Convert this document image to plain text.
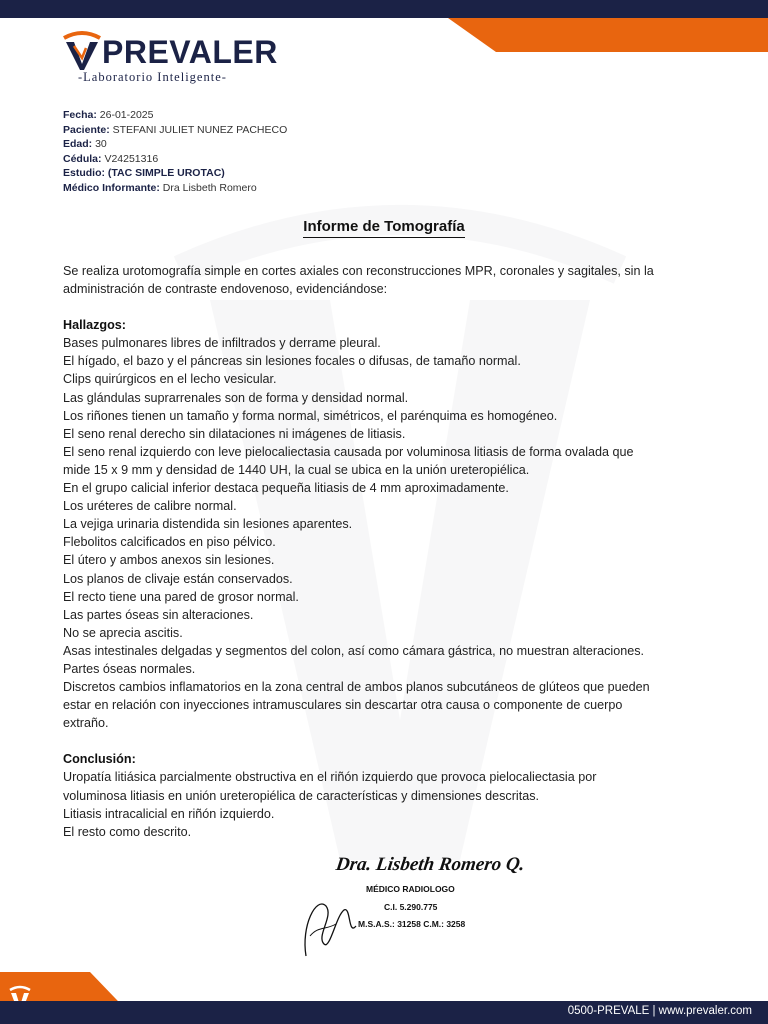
PREVALER
-Laboratorio Inteligente-
Fecha: 26-01-2025
Paciente: STEFANI JULIET NUNEZ PACHECO
Edad: 30
Cédula: V24251316
Estudio: (TAC SIMPLE UROTAC)
Médico Informante: Dra Lisbeth Romero
Informe de Tomografía

Se realiza urotomografía simple en cortes axiales con reconstrucciones MPR, coronales y sagitales, sin la

administración de contraste endovenoso, evidenciándose:

Hallazgos:

Bases pulmonares libres de infiltrados y derrame pleural.

El hígado, el bazo y el páncreas sin lesiones focales o difusas, de tamaño normal.

Clips quirúrgicos en el lecho vesicular.

Las glándulas suprarrenales son de forma y densidad normal.

Los riñones tienen un tamaño y forma normal, simétricos, el parénquima es homogéneo.

El seno renal derecho sin dilataciones ni imágenes de litiasis.

El seno renal izquierdo con leve pielocaliectasia causada por voluminosa litiasis de forma ovalada que

mide 15 x 9 mm y densidad de 1440 UH, la cual se ubica en la unión ureteropiélica.

En el grupo calicial inferior destaca pequeña litiasis de 4 mm aproximadamente.

Los uréteres de calibre normal.

La vejiga urinaria distendida sin lesiones aparentes.

Flebolitos calcificados en piso pélvico.

El útero y ambos anexos sin lesiones.

Los planos de clivaje están conservados.

El recto tiene una pared de grosor normal.

Las partes óseas sin alteraciones.

No se aprecia ascitis.

Asas intestinales delgadas y segmentos del colon, así como cámara gástrica, no muestran alteraciones.

Partes óseas normales.

Discretos cambios inflamatorios en la zona central de ambos planos subcutáneos de glúteos que pueden

estar en relación con inyecciones intramusculares sin descartar otra causa o componente de cuerpo

extraño.

Conclusión:

Uropatía litiásica parcialmente obstructiva en el riñón izquierdo que provoca pielocaliectasia por

voluminosa litiasis en unión ureteropiélica de características y dimensiones descritas.

Litiasis intracalicial en riñón izquierdo.

El resto como descrito.

Dra. Lisbeth Romero Q.
MÉDICO RADIOLOGO
C.I. 5.290.775
M.S.A.S.: 31258 C.M.: 3258
0500-PREVALE | www.prevaler.com
